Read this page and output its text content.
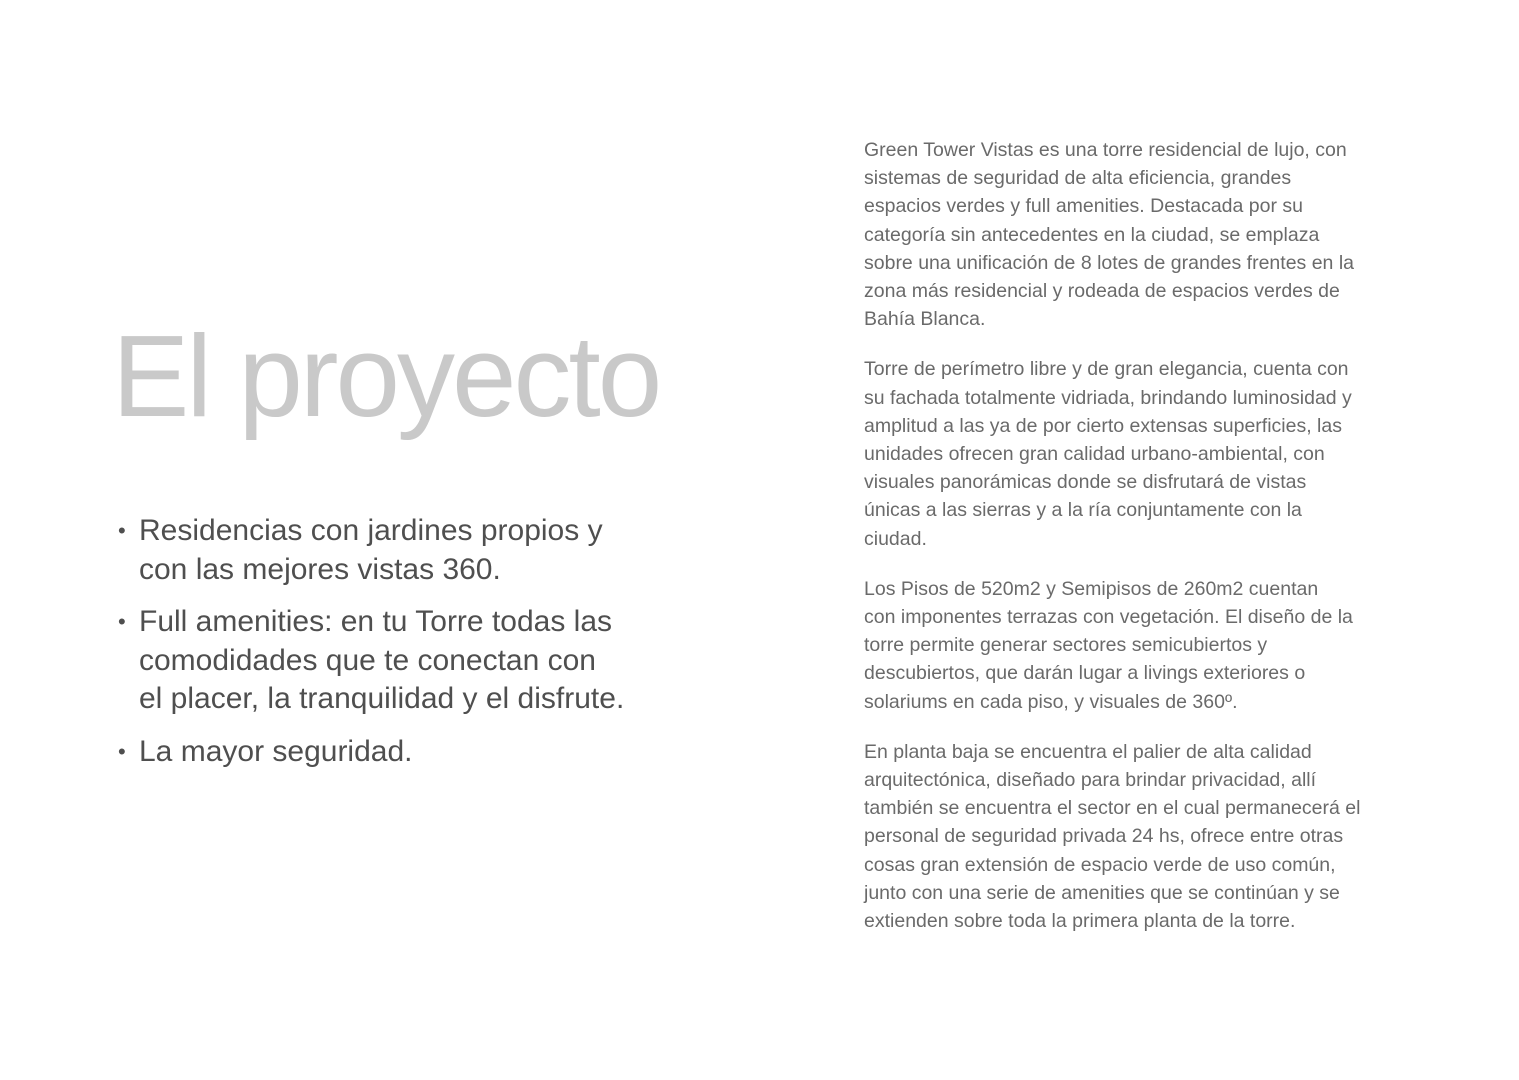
El proyecto
• Residencias con jardines propios y
con las mejores vistas 360.
• Full amenities: en tu Torre todas las
comodidades que te conectan con
el placer, la tranquilidad y el disfrute.
• La mayor seguridad.

Green Tower Vistas es una torre residencial de lujo, con
sistemas de seguridad de alta eficiencia, grandes
espacios verdes y full amenities. Destacada por su
categoría sin antecedentes en la ciudad, se emplaza
sobre una unificación de 8 lotes de grandes frentes en la
zona más residencial y rodeada de espacios verdes de
Bahía Blanca.

Torre de perímetro libre y de gran elegancia, cuenta con
su fachada totalmente vidriada, brindando luminosidad y
amplitud a las ya de por cierto extensas superficies, las
unidades ofrecen gran calidad urbano-ambiental, con
visuales panorámicas donde se disfrutará de vistas
únicas a las sierras y a la ría conjuntamente con la
ciudad.

Los Pisos de 520m2 y Semipisos de 260m2 cuentan
con imponentes terrazas con vegetación. El diseño de la
torre permite generar sectores semicubiertos y
descubiertos, que darán lugar a livings exteriores o
solariums en cada piso, y visuales de 360º.

En planta baja se encuentra el palier de alta calidad
arquitectónica, diseñado para brindar privacidad, allí
también se encuentra el sector en el cual permanecerá el
personal de seguridad privada 24 hs, ofrece entre otras
cosas gran extensión de espacio verde de uso común,
junto con una serie de amenities que se continúan y se
extienden sobre toda la primera planta de la torre.
